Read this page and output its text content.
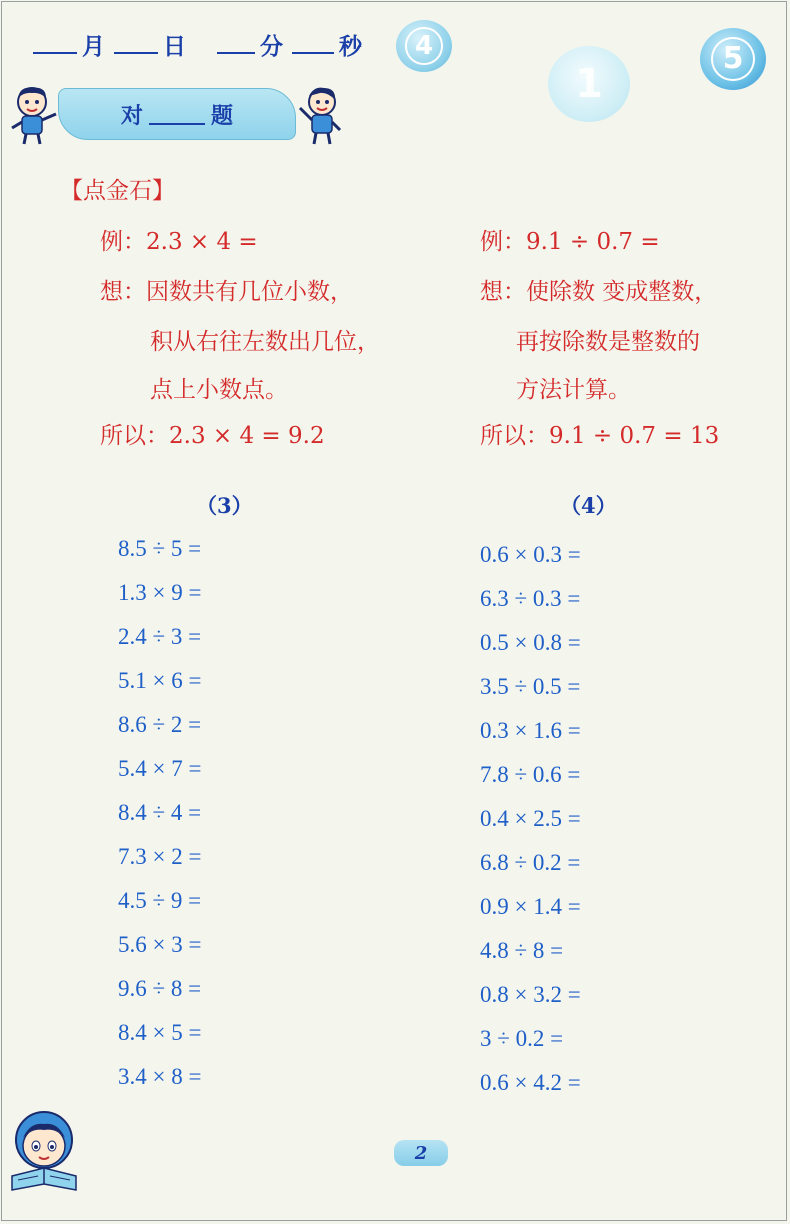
月	日	分 秒	4
1
5
对	题
【点金石】
例：2.3 × 4 =
想：因数共有几位小数，
积从右往左数出几位，
点上小数点。
所以：2.3 × 4 = 9.2
例：9.1 ÷ 0.7 =
想：使除数 变成整数，
再按除数是整数的
方法计算。
所以：9.1 ÷ 0.7 = 13
（3）	（4）
8.5 ÷ 5 =
1.3 × 9 =
2.4 ÷ 3 =
5.1 × 6 =
8.6 ÷ 2 =
5.4 × 7 =
8.4 ÷ 4 =
7.3 × 2 =
4.5 ÷ 9 =
5.6 × 3 =
9.6 ÷ 8 =
8.4 × 5 =
3.4 × 8 =
0.6 × 0.3 =
6.3 ÷ 0.3 =
0.5 × 0.8 =
3.5 ÷ 0.5 =
0.3 × 1.6 =
7.8 ÷ 0.6 =
0.4 × 2.5 =
6.8 ÷ 0.2 =
0.9 × 1.4 =
4.8 ÷ 8 =
0.8 × 3.2 =
3 ÷ 0.2 =
0.6 × 4.2 =
2
